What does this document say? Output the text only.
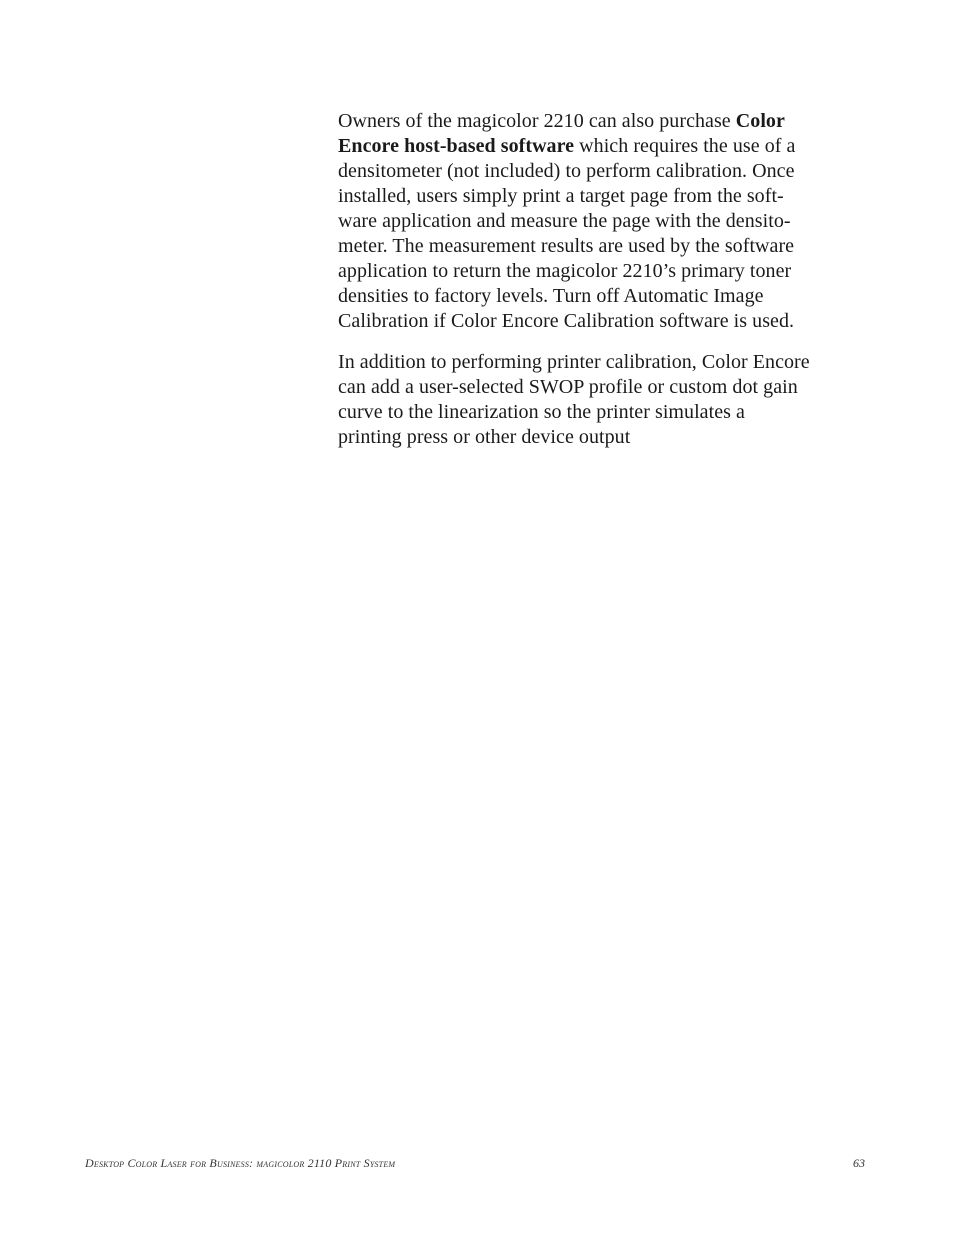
Owners of the magicolor 2210 can also purchase Color
Encore host-based software which requires the use of a
densitometer (not included) to perform calibration. Once
installed, users simply print a target page from the soft-
ware application and measure the page with the densito-
meter. The measurement results are used by the software
application to return the magicolor 2210’s primary toner
densities to factory levels. Turn off Automatic Image
Calibration if Color Encore Calibration software is used.

In addition to performing printer calibration, Color Encore
can add a user-selected SWOP profile or custom dot gain
curve to the linearization so the printer simulates a
printing press or other device output

Desktop Color Laser for Business: magicolor 2110 Print System	63
